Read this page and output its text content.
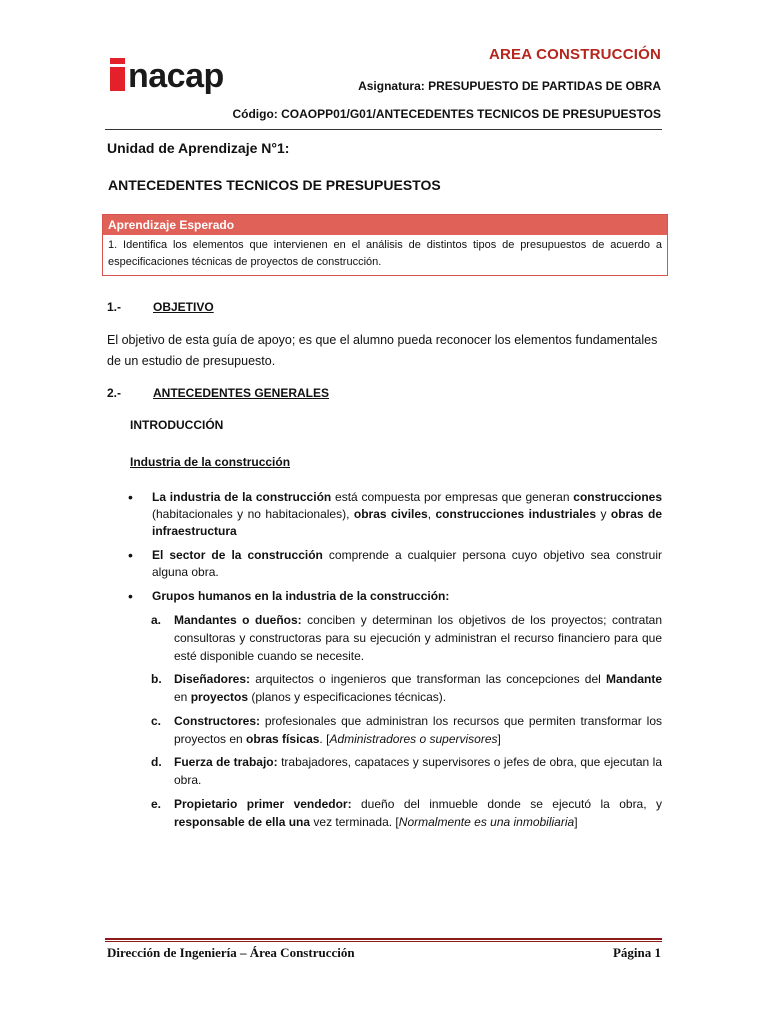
nacap
AREA CONSTRUCCIÓN
Asignatura: PRESUPUESTO DE PARTIDAS DE OBRA
Código: COAOPP01/G01/ANTECEDENTES TECNICOS DE PRESUPUESTOS
Unidad de Aprendizaje N°1:
ANTECEDENTES TECNICOS DE PRESUPUESTOS
Aprendizaje Esperado
1. Identifica los elementos que intervienen en el análisis de distintos tipos de presupuestos de acuerdo a especificaciones técnicas de proyectos de construcción.
1.-	OBJETIVO
El objetivo de esta guía de apoyo; es que el alumno pueda reconocer los elementos fundamentales de un estudio de presupuesto.
2.-	ANTECEDENTES GENERALES
INTRODUCCIÓN
Industria de la construcción
• La industria de la construcción está compuesta por empresas que generan construcciones (habitacionales y no habitacionales), obras civiles, construcciones industriales y obras de infraestructura
• El sector de la construcción comprende a cualquier persona cuyo objetivo sea construir alguna obra.
• Grupos humanos en la industria de la construcción:
a. Mandantes o dueños: conciben y determinan los objetivos de los proyectos; contratan consultoras y constructoras para su ejecución y administran el recurso financiero para que esté disponible cuando se necesite.
b. Diseñadores: arquitectos o ingenieros que transforman las concepciones del Mandante en proyectos (planos y especificaciones técnicas).
c. Constructores: profesionales que administran los recursos que permiten transformar los proyectos en obras físicas. [Administradores o supervisores]
d. Fuerza de trabajo: trabajadores, capataces y supervisores o jefes de obra, que ejecutan la obra.
e. Propietario primer vendedor: dueño del inmueble donde se ejecutó la obra, y responsable de ella una vez terminada. [Normalmente es una inmobiliaria]
Dirección de Ingeniería – Área Construcción	Página 1
